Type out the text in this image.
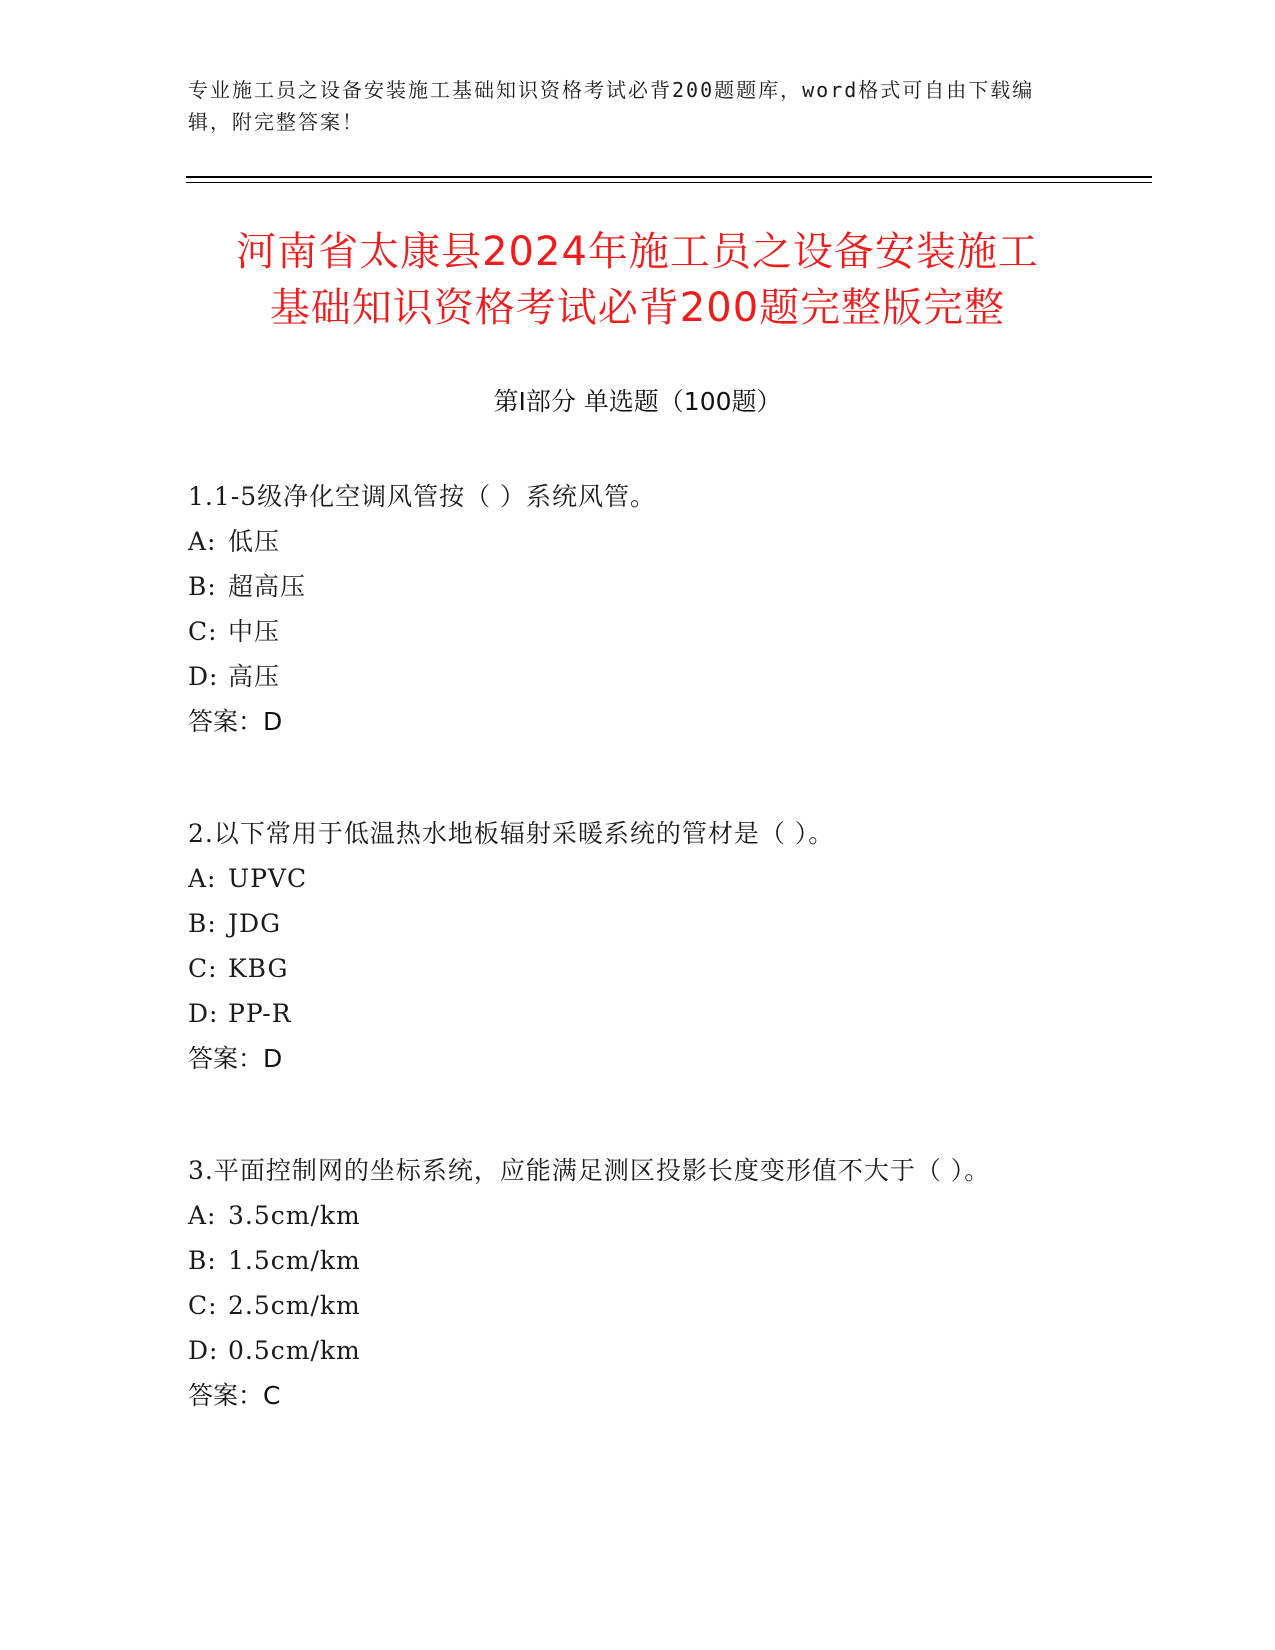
专业施工员之设备安装施工基础知识资格考试必背200题题库，word格式可自由下载编辑，附完整答案！
河南省太康县2024年施工员之设备安装施工
基础知识资格考试必背200题完整版完整
第Ⅰ部分 单选题（100题）
1.1-5级净化空调风管按（ ）系统风管。
A: 低压
B: 超高压
C: 中压
D: 高压
答案：D
2.以下常用于低温热水地板辐射采暖系统的管材是（ ）。
A: UPVC
B: JDG
C: KBG
D: PP-R
答案：D
3.平面控制网的坐标系统，应能满足测区投影长度变形值不大于（ ）。
A: 3.5cm/km
B: 1.5cm/km
C: 2.5cm/km
D: 0.5cm/km
答案：C
